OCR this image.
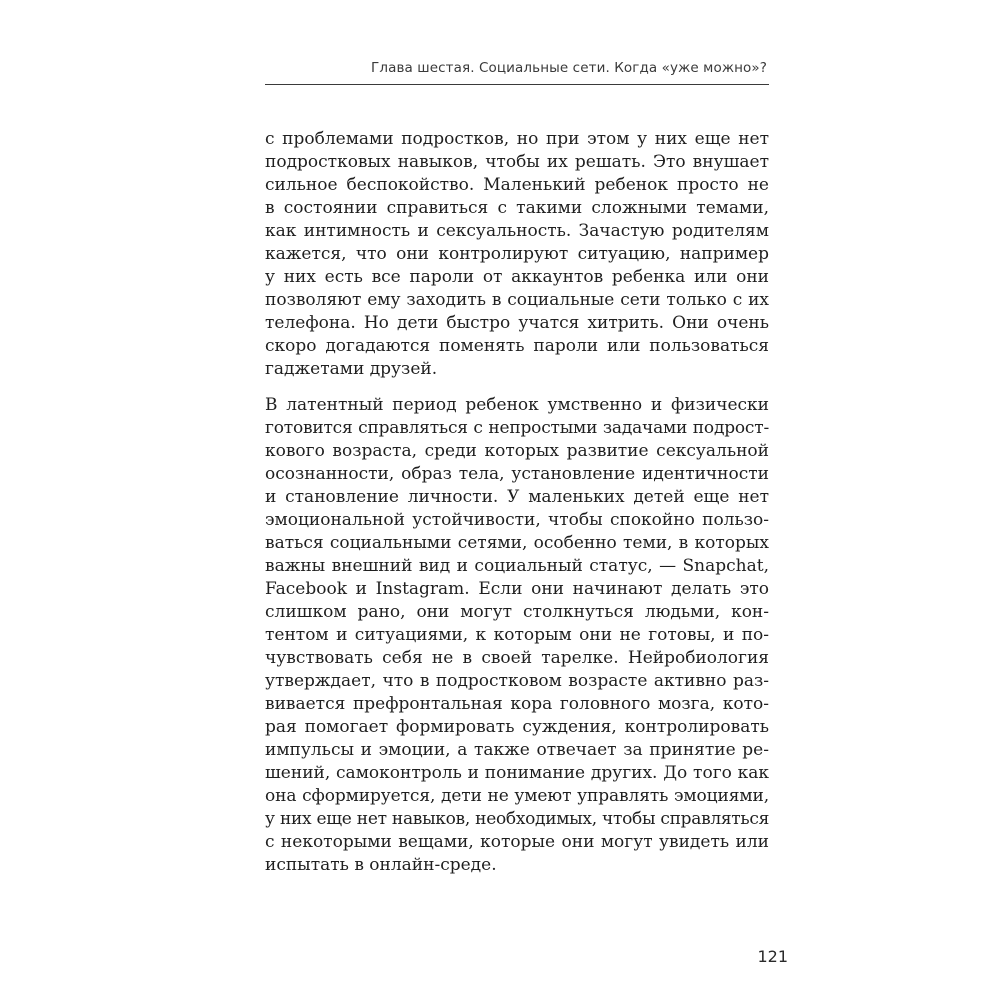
Глава шестая. Социальные сети. Когда «уже можно»?
с проблемами подростков, но при этом у них еще нет
подростковых навыков, чтобы их решать. Это внушает
сильное беспокойство. Маленький ребенок просто не
в состоянии справиться с такими сложными темами,
как интимность и сексуальность. Зачастую родителям
кажется, что они контролируют ситуацию, например
у них есть все пароли от аккаунтов ребенка или они
позволяют ему заходить в социальные сети только с их
телефона. Но дети быстро учатся хитрить. Они очень
скоро догадаются поменять пароли или пользоваться
гаджетами друзей.
В латентный период ребенок умственно и физически
готовится справляться с непростыми задачами подрост-
кового возраста, среди которых развитие сексуальной
осознанности, образ тела, установление идентичности
и становление личности. У маленьких детей еще нет
эмоциональной устойчивости, чтобы спокойно пользо-
ваться социальными сетями, особенно теми, в которых
важны внешний вид и социальный статус, — Snapchat,
Facebook и Instagram. Если они начинают делать это
слишком рано, они могут столкнуться людьми, кон-
тентом и ситуациями, к которым они не готовы, и по-
чувствовать себя не в своей тарелке. Нейробиология
утверждает, что в подростковом возрасте активно раз-
вивается префронтальная кора головного мозга, кото-
рая помогает формировать суждения, контролировать
импульсы и эмоции, а также отвечает за принятие ре-
шений, самоконтроль и понимание других. До того как
она сформируется, дети не умеют управлять эмоциями,
у них еще нет навыков, необходимых, чтобы справляться
с некоторыми вещами, которые они могут увидеть или
испытать в онлайн-среде.
121
